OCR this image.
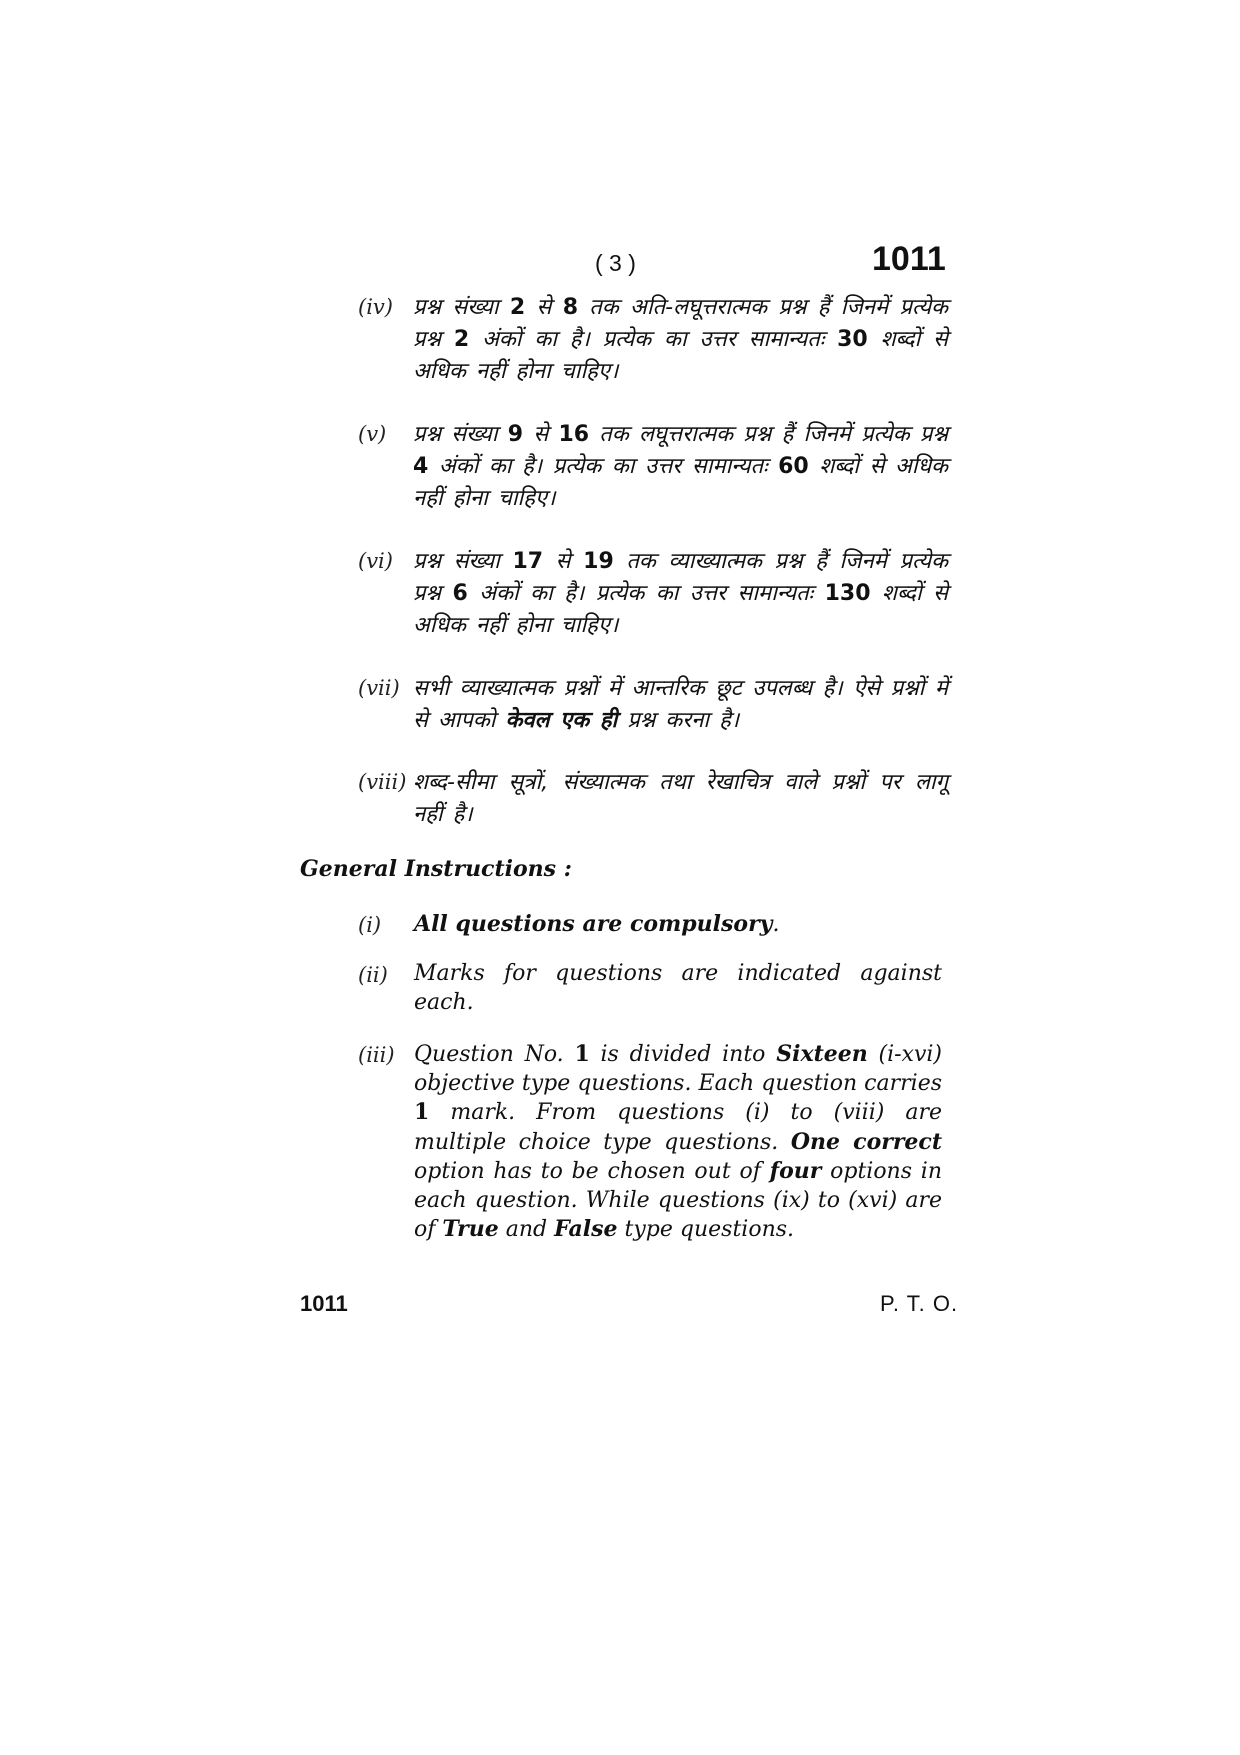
( 3 )	1011
(iv) प्रश्न संख्या 2 से 8 तक अति-लघूत्तरात्मक प्रश्न हैं जिनमें प्रत्येक प्रश्न 2 अंकों का है। प्रत्येक का उत्तर सामान्यतः 30 शब्दों से अधिक नहीं होना चाहिए।
(v) प्रश्न संख्या 9 से 16 तक लघूत्तरात्मक प्रश्न हैं जिनमें प्रत्येक प्रश्न 4 अंकों का है। प्रत्येक का उत्तर सामान्यतः 60 शब्दों से अधिक नहीं होना चाहिए।
(vi) प्रश्न संख्या 17 से 19 तक व्याख्यात्मक प्रश्न हैं जिनमें प्रत्येक प्रश्न 6 अंकों का है। प्रत्येक का उत्तर सामान्यतः 130 शब्दों से अधिक नहीं होना चाहिए।
(vii) सभी व्याख्यात्मक प्रश्नों में आन्तरिक छूट उपलब्ध है। ऐसे प्रश्नों में से आपको केवल एक ही प्रश्न करना है।
(viii) शब्द-सीमा सूत्रों, संख्यात्मक तथा रेखाचित्र वाले प्रश्नों पर लागू नहीं है।
General Instructions :
(i) All questions are compulsory.
(ii) Marks for questions are indicated against each.
(iii) Question No. 1 is divided into Sixteen (i-xvi) objective type questions. Each question carries 1 mark. From questions (i) to (viii) are multiple choice type questions. One correct option has to be chosen out of four options in each question. While questions (ix) to (xvi) are of True and False type questions.
1011	P. T. O.
